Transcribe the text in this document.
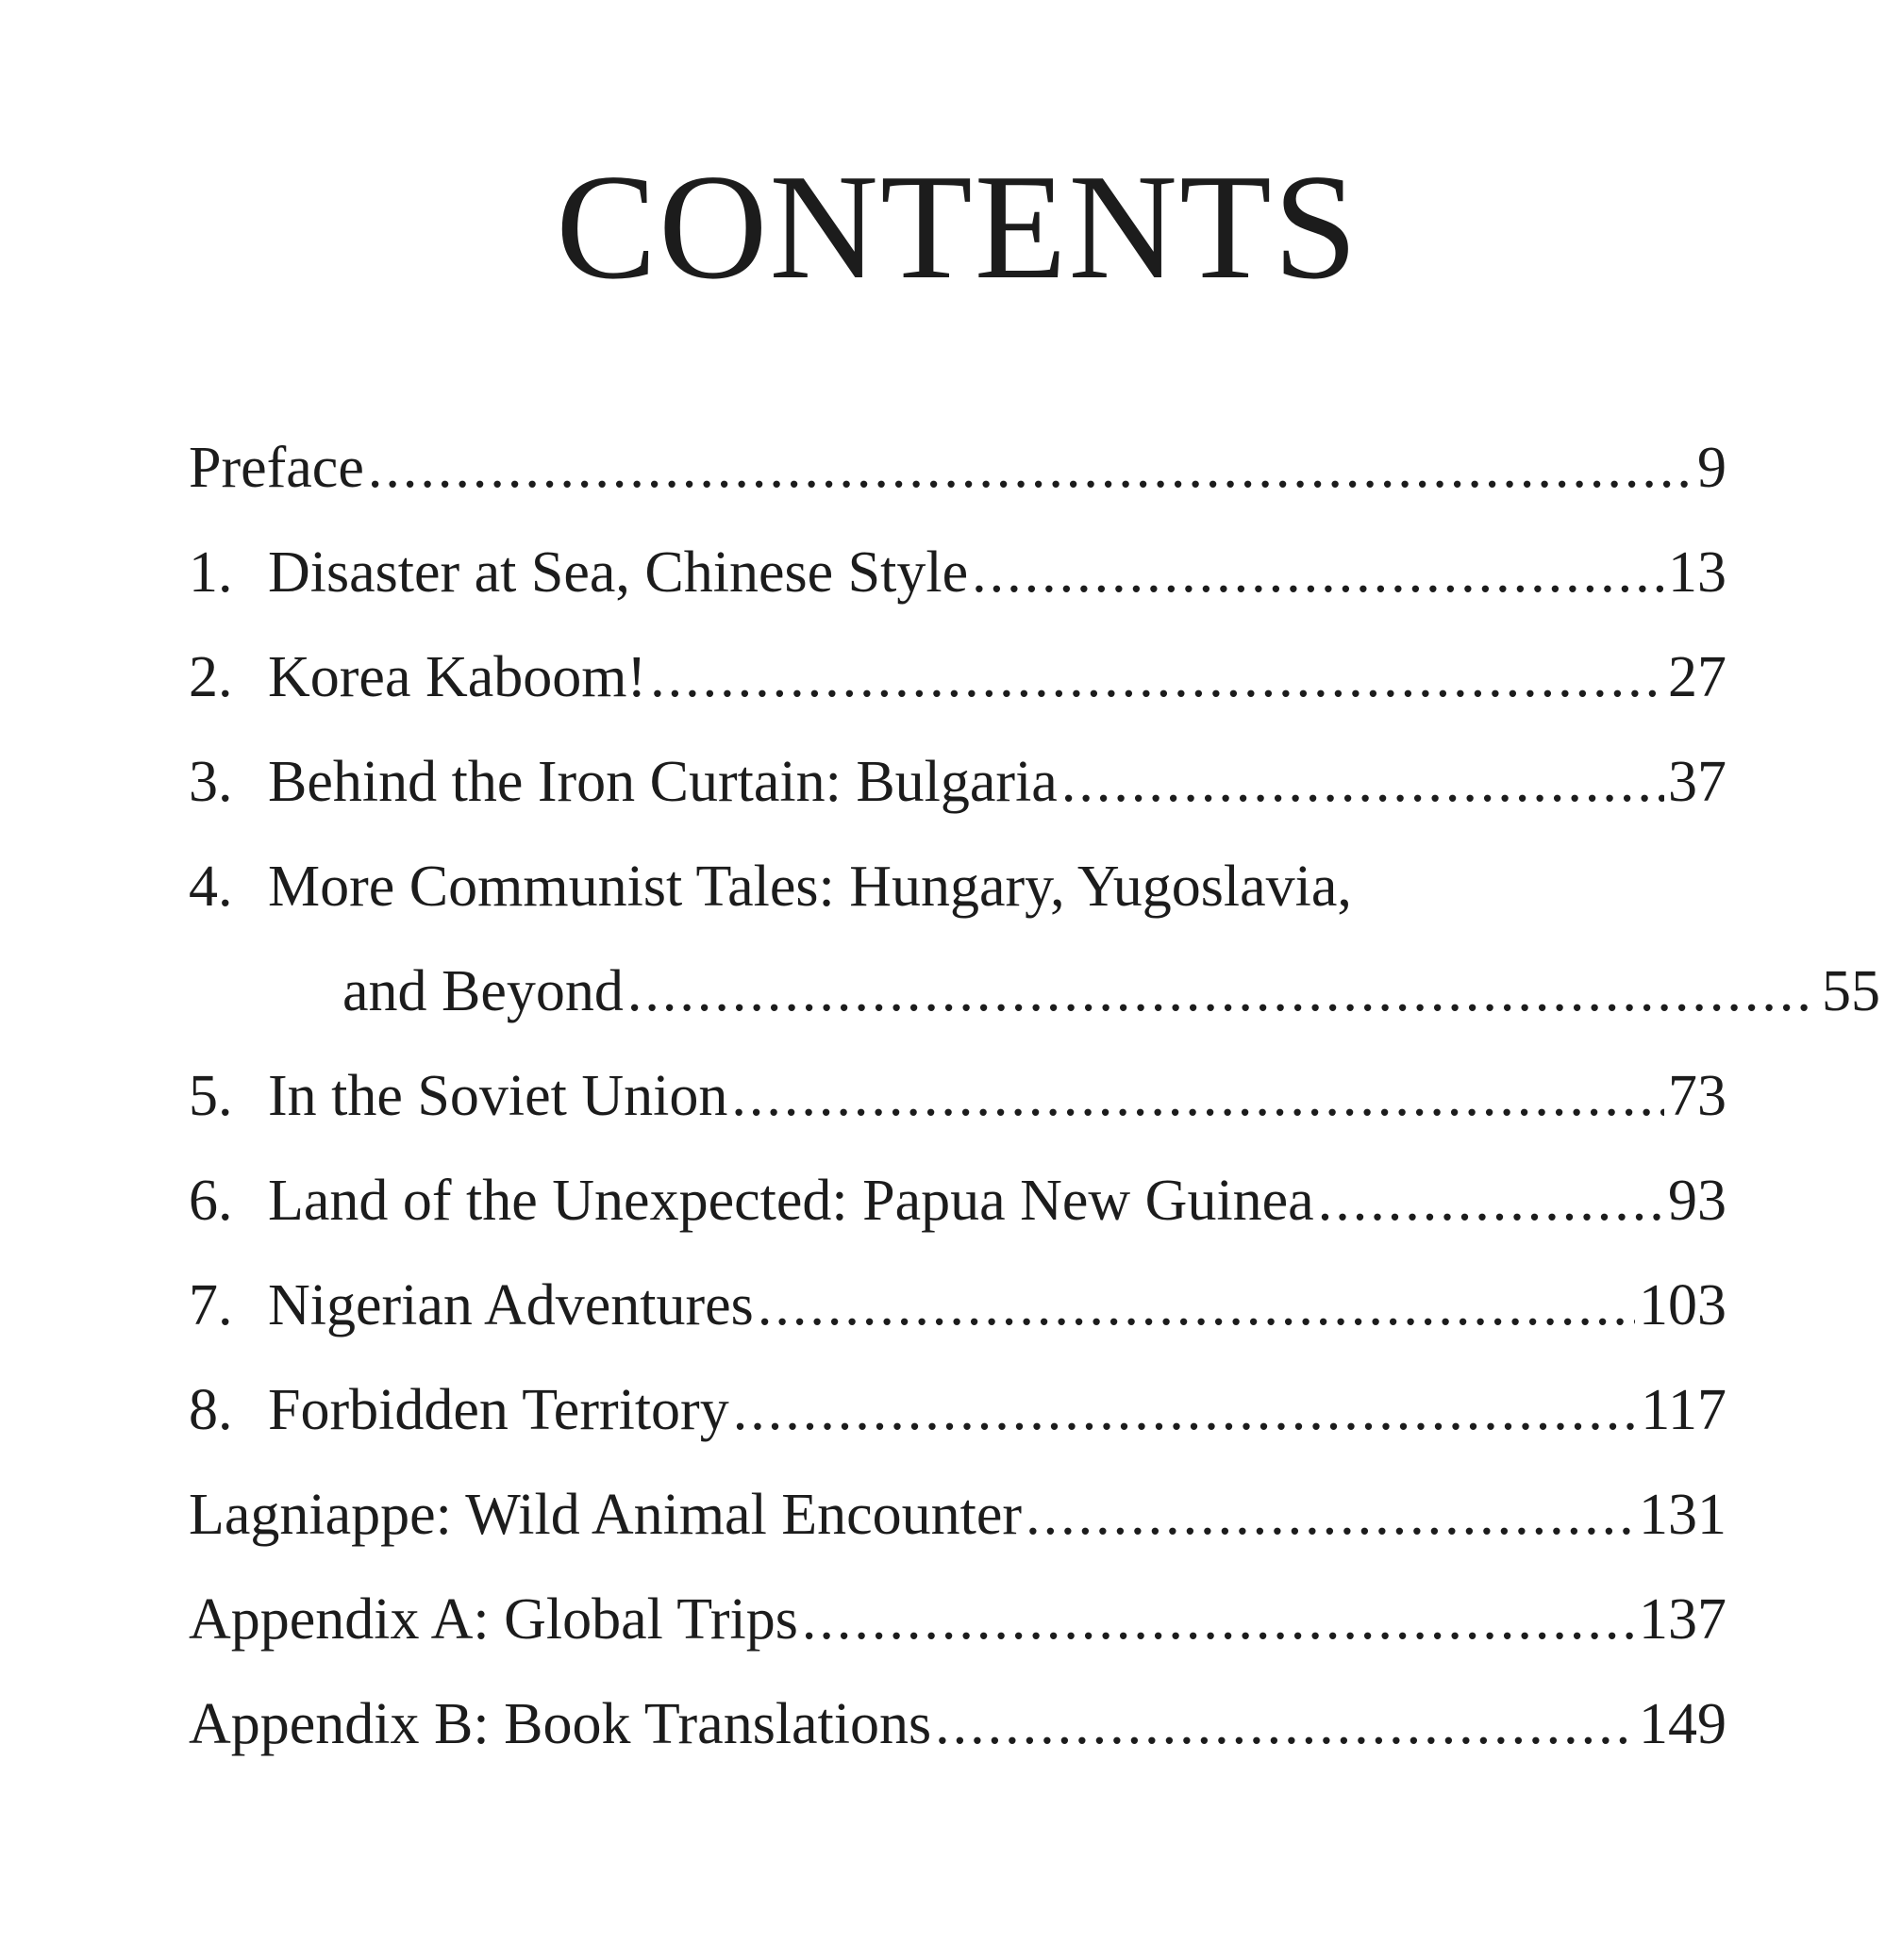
CONTENTS
Preface .....	9
1. Disaster at Sea, Chinese Style .....	13
2. Korea Kaboom! .....	27
3. Behind the Iron Curtain: Bulgaria .....	37
4. More Communist Tales: Hungary, Yugoslavia,
and Beyond .....	55
5. In the Soviet Union .....	73
6. Land of the Unexpected: Papua New Guinea .....	93
7. Nigerian Adventures .....	103
8. Forbidden Territory .....	117
Lagniappe: Wild Animal Encounter .....	131
Appendix A: Global Trips .....	137
Appendix B: Book Translations .....	149
